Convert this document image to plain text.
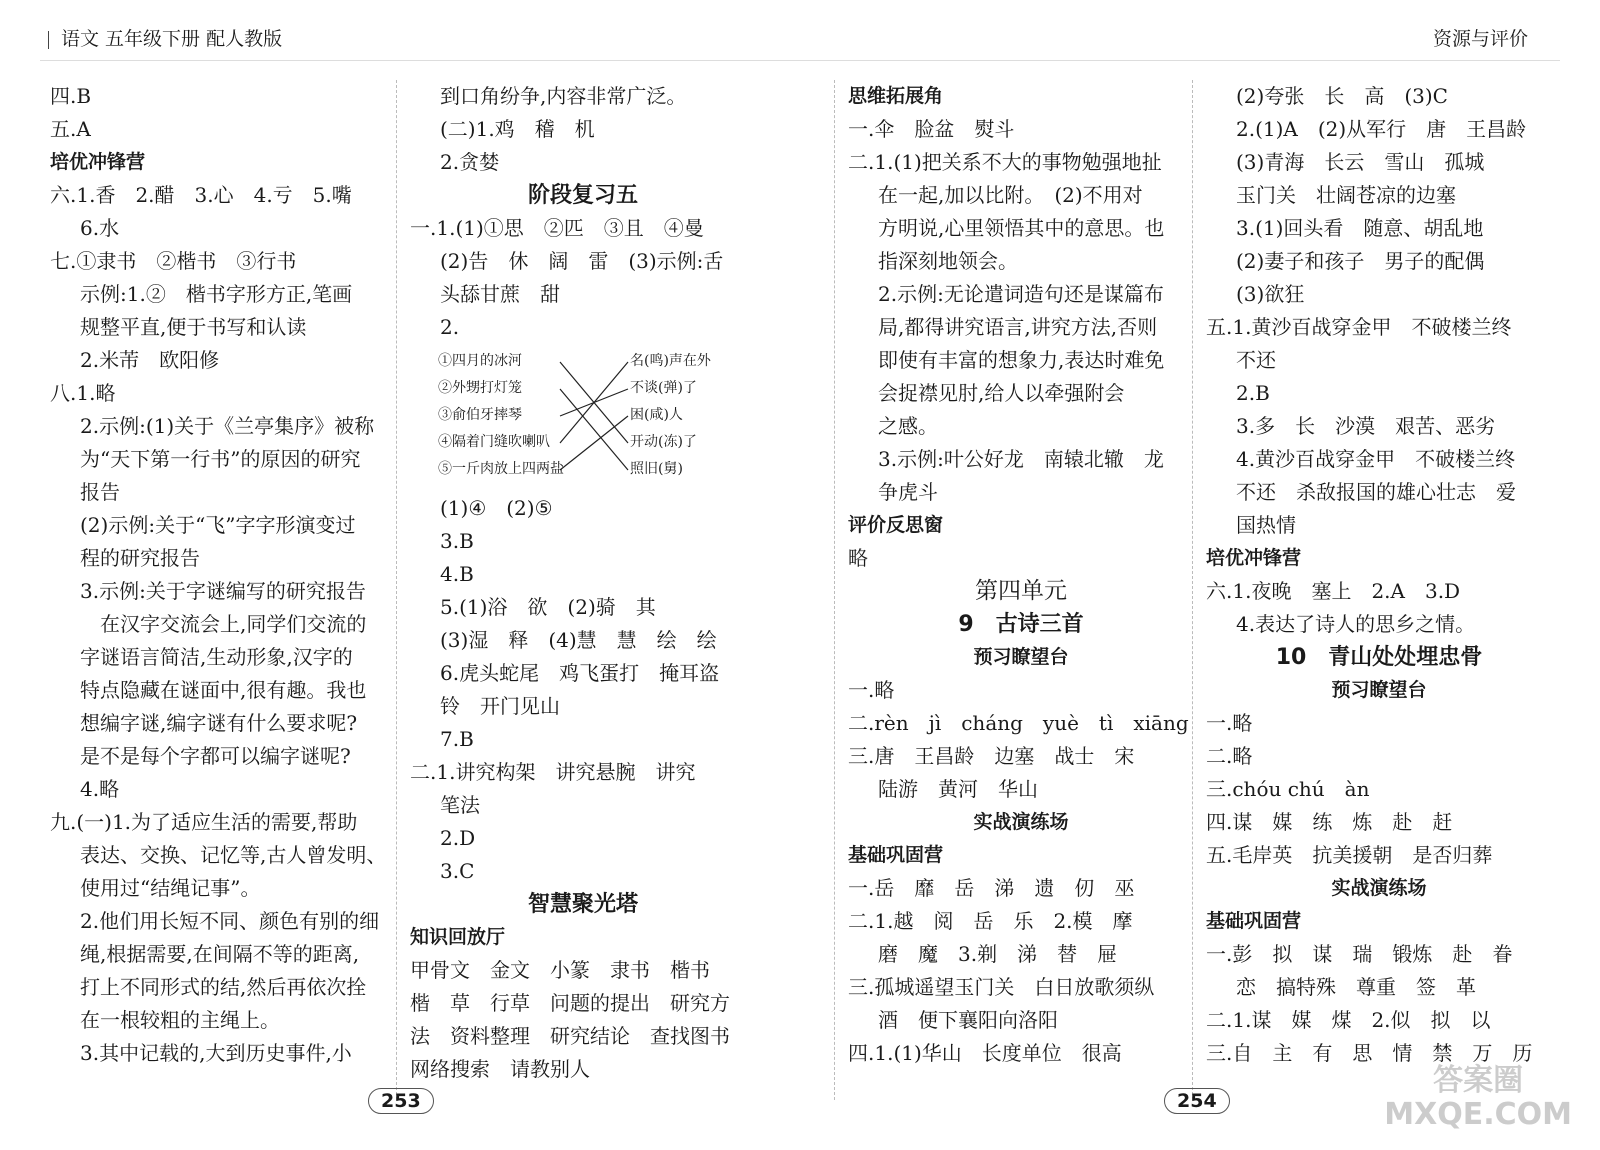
语文 五年级下册 配人教版	资源与评价
四.B
五.A
培优冲锋营
六.1.香　2.醋　3.心　4.亏　5.嘴
6.水
七.①隶书　②楷书　③行书
示例:1.②　楷书字形方正,笔画
规整平直,便于书写和认读
2.米芾　欧阳修
八.1.略
2.示例:(1)关于《兰亭集序》被称
为“天下第一行书”的原因的研究
报告
(2)示例:关于“飞”字字形演变过
程的研究报告
3.示例:关于字谜编写的研究报告
　在汉字交流会上,同学们交流的
字谜语言简洁,生动形象,汉字的
特点隐藏在谜面中,很有趣。我也
想编字谜,编字谜有什么要求呢?
是不是每个字都可以编字谜呢?
4.略
九.(一)1.为了适应生活的需要,帮助
表达、交换、记忆等,古人曾发明、
使用过“结绳记事”。
2.他们用长短不同、颜色有别的细
绳,根据需要,在间隔不等的距离,
打上不同形式的结,然后再依次拴
在一根较粗的主绳上。
3.其中记载的,大到历史事件,小
到口角纷争,内容非常广泛。
(二)1.鸡　稽　机
2.贪婪
阶段复习五
一.1.(1)①思　②匹　③且　④曼
(2)告　休　阔　雷　(3)示例:舌
头舔甘蔗　甜
2.
①四月的冰河
②外甥打灯笼
③俞伯牙摔琴
④隔着门缝吹喇叭
⑤一斤肉放上四两盐
名(鸣)声在外
不谈(弹)了
困(咸)人
开动(冻)了
照旧(舅)
(1)④　(2)⑤
3.B
4.B
5.(1)浴　欲　(2)骑　其
(3)湿　释　(4)慧　慧　绘　绘
6.虎头蛇尾　鸡飞蛋打　掩耳盗
铃　开门见山
7.B
二.1.讲究构架　讲究悬腕　讲究
笔法
2.D
3.C
智慧聚光塔
知识回放厅
甲骨文　金文　小篆　隶书　楷书
楷　草　行草　问题的提出　研究方
法　资料整理　研究结论　查找图书
网络搜索　请教别人
思维拓展角
一.伞　脸盆　熨斗
二.1.(1)把关系不大的事物勉强地扯
在一起,加以比附。　(2)不用对
方明说,心里领悟其中的意思。也
指深刻地领会。
2.示例:无论遣词造句还是谋篇布
局,都得讲究语言,讲究方法,否则
即使有丰富的想象力,表达时难免
会捉襟见肘,给人以牵强附会
之感。
3.示例:叶公好龙　南辕北辙　龙
争虎斗
评价反思窗
略
第四单元
9　古诗三首
预习瞭望台
一.略
二.rèn　jì　cháng　yuè　tì　xiāng
三.唐　王昌龄　边塞　战士　宋
陆游　黄河　华山
实战演练场
基础巩固营
一.岳　靡　岳　涕　遗　仞　巫
二.1.越　阅　岳　乐　2.模　摩
磨　魔　3.剃　涕　替　屉
三.孤城遥望玉门关　白日放歌须纵
酒　便下襄阳向洛阳
四.1.(1)华山　长度单位　很高
(2)夸张　长　高　(3)C
2.(1)A　(2)从军行　唐　王昌龄
(3)青海　长云　雪山　孤城
玉门关　壮阔苍凉的边塞
3.(1)回头看　随意、胡乱地
(2)妻子和孩子　男子的配偶
(3)欲狂
五.1.黄沙百战穿金甲　不破楼兰终
不还
2.B
3.多　长　沙漠　艰苦、恶劣
4.黄沙百战穿金甲　不破楼兰终
不还　杀敌报国的雄心壮志　爱
国热情
培优冲锋营
六.1.夜晚　塞上　2.A　3.D
4.表达了诗人的思乡之情。
10　青山处处埋忠骨
预习瞭望台
一.略
二.略
三.chóu chú　àn
四.谋　媒　练　炼　赴　赶
五.毛岸英　抗美援朝　是否归葬
实战演练场
基础巩固营
一.彭　拟　谋　瑞　锻炼　赴　眷
恋　搞特殊　尊重　签　革
二.1.谋　媒　煤　2.似　拟　以
三.自　主　有　思　情　禁　万　历
253	254
答案圈
MXQE.COM
